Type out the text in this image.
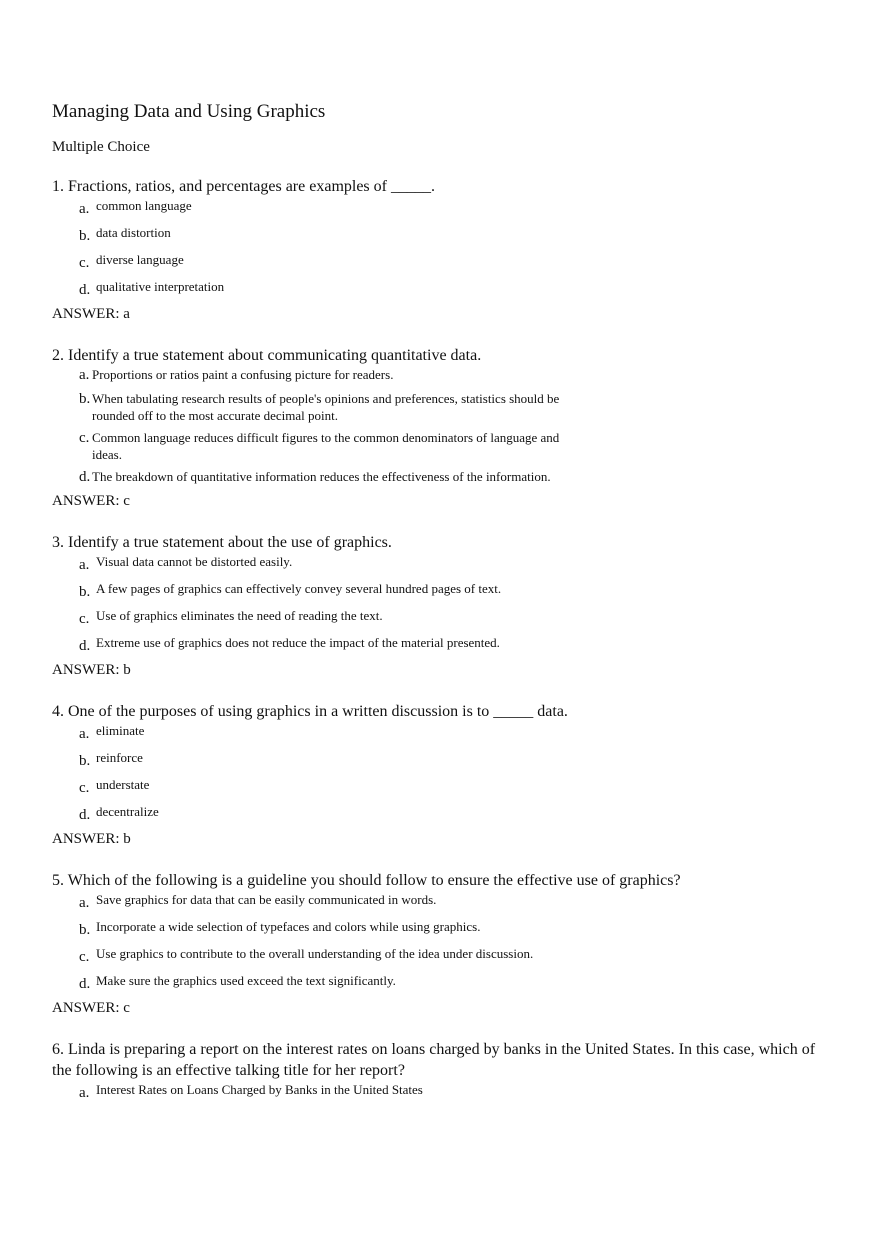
Managing Data and Using Graphics
Multiple Choice
1. Fractions, ratios, and percentages are examples of _____.
a. common language
b. data distortion
c. diverse language
d. qualitative interpretation
ANSWER: a
2. Identify a true statement about communicating quantitative data.
a. Proportions or ratios paint a confusing picture for readers.
b. When tabulating research results of people's opinions and preferences, statistics should be rounded off to the most accurate decimal point.
c. Common language reduces difficult figures to the common denominators of language and ideas.
d. The breakdown of quantitative information reduces the effectiveness of the information.
ANSWER: c
3. Identify a true statement about the use of graphics.
a. Visual data cannot be distorted easily.
b. A few pages of graphics can effectively convey several hundred pages of text.
c. Use of graphics eliminates the need of reading the text.
d. Extreme use of graphics does not reduce the impact of the material presented.
ANSWER: b
4. One of the purposes of using graphics in a written discussion is to _____ data.
a. eliminate
b. reinforce
c. understate
d. decentralize
ANSWER: b
5. Which of the following is a guideline you should follow to ensure the effective use of graphics?
a. Save graphics for data that can be easily communicated in words.
b. Incorporate a wide selection of typefaces and colors while using graphics.
c. Use graphics to contribute to the overall understanding of the idea under discussion.
d. Make sure the graphics used exceed the text significantly.
ANSWER: c
6. Linda is preparing a report on the interest rates on loans charged by banks in the United States. In this case, which of the following is an effective talking title for her report?
a. Interest Rates on Loans Charged by Banks in the United States
